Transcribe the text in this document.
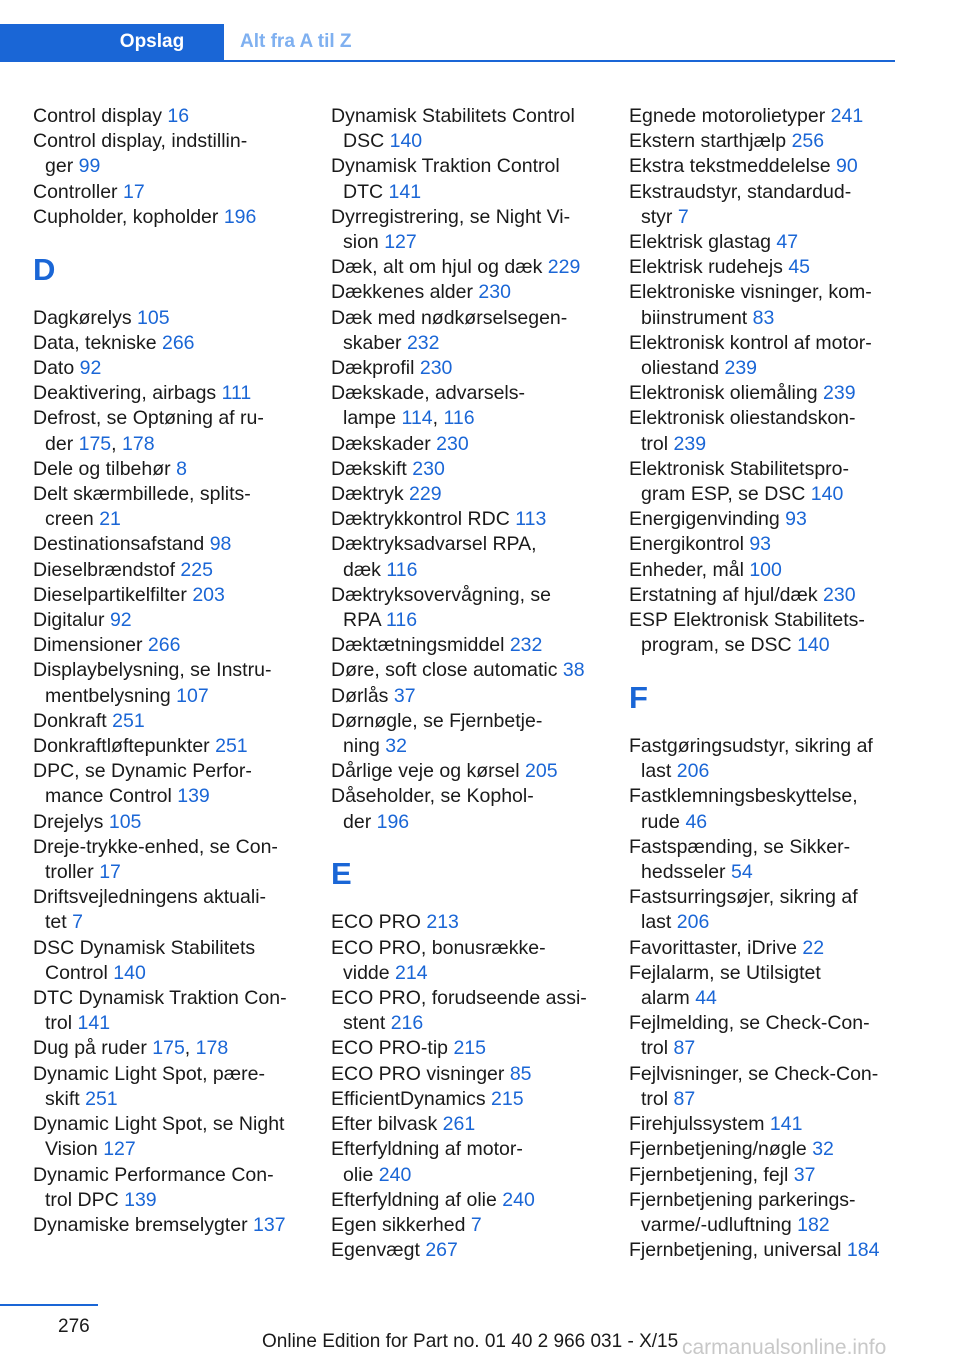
Opslag	Alt fra A til Z
Control display 16
Control display, indstillin-
ger 99
Controller 17
Cupholder, kopholder 196
D
Dagkørelys 105
Data, tekniske 266
Dato 92
Deaktivering, airbags 111
Defrost, se Optøning af ru-
der 175, 178
Dele og tilbehør 8
Delt skærmbillede, splits-
creen 21
Destinationsafstand 98
Dieselbrændstof 225
Dieselpartikelfilter 203
Digitalur 92
Dimensioner 266
Displaybelysning, se Instru-
mentbelysning 107
Donkraft 251
Donkraftløftepunkter 251
DPC, se Dynamic Perfor-
mance Control 139
Drejelys 105
Dreje-trykke-enhed, se Con-
troller 17
Driftsvejledningens aktuali-
tet 7
DSC Dynamisk Stabilitets
Control 140
DTC Dynamisk Traktion Con-
trol 141
Dug på ruder 175, 178
Dynamic Light Spot, pære-
skift 251
Dynamic Light Spot, se Night
Vision 127
Dynamic Performance Con-
trol DPC 139
Dynamiske bremselygter 137
Dynamisk Stabilitets Control
DSC 140
Dynamisk Traktion Control
DTC 141
Dyrregistrering, se Night Vi-
sion 127
Dæk, alt om hjul og dæk 229
Dækkenes alder 230
Dæk med nødkørselsegen-
skaber 232
Dækprofil 230
Dækskade, advarsels-
lampe 114, 116
Dækskader 230
Dækskift 230
Dæktryk 229
Dæktrykkontrol RDC 113
Dæktryksadvarsel RPA,
dæk 116
Dæktryksovervågning, se
RPA 116
Dæktætningsmiddel 232
Døre, soft close automatic 38
Dørlås 37
Dørnøgle, se Fjernbetje-
ning 32
Dårlige veje og kørsel 205
Dåseholder, se Kophol-
der 196
E
ECO PRO 213
ECO PRO, bonusrække-
vidde 214
ECO PRO, forudseende assi-
stent 216
ECO PRO-tip 215
ECO PRO visninger 85
EfficientDynamics 215
Efter bilvask 261
Efterfyldning af motor-
olie 240
Efterfyldning af olie 240
Egen sikkerhed 7
Egenvægt 267
Egnede motorolietyper 241
Ekstern starthjælp 256
Ekstra tekstmeddelelse 90
Ekstraudstyr, standardud-
styr 7
Elektrisk glastag 47
Elektrisk rudehejs 45
Elektroniske visninger, kom-
biinstrument 83
Elektronisk kontrol af motor-
oliestand 239
Elektronisk oliemåling 239
Elektronisk oliestandskon-
trol 239
Elektronisk Stabilitetspro-
gram ESP, se DSC 140
Energigenvinding 93
Energikontrol 93
Enheder, mål 100
Erstatning af hjul/dæk 230
ESP Elektronisk Stabilitets-
program, se DSC 140
F
Fastgøringsudstyr, sikring af
last 206
Fastklemningsbeskyttelse,
rude 46
Fastspænding, se Sikker-
hedsseler 54
Fastsurringsøjer, sikring af
last 206
Favorittaster, iDrive 22
Fejlalarm, se Utilsigtet
alarm 44
Fejlmelding, se Check-Con-
trol 87
Fejlvisninger, se Check-Con-
trol 87
Firehjulssystem 141
Fjernbetjening/nøgle 32
Fjernbetjening, fejl 37
Fjernbetjening parkerings-
varme/-udluftning 182
Fjernbetjening, universal 184
276
Online Edition for Part no. 01 40 2 966 031 - X/15 carmanualsonline.info
